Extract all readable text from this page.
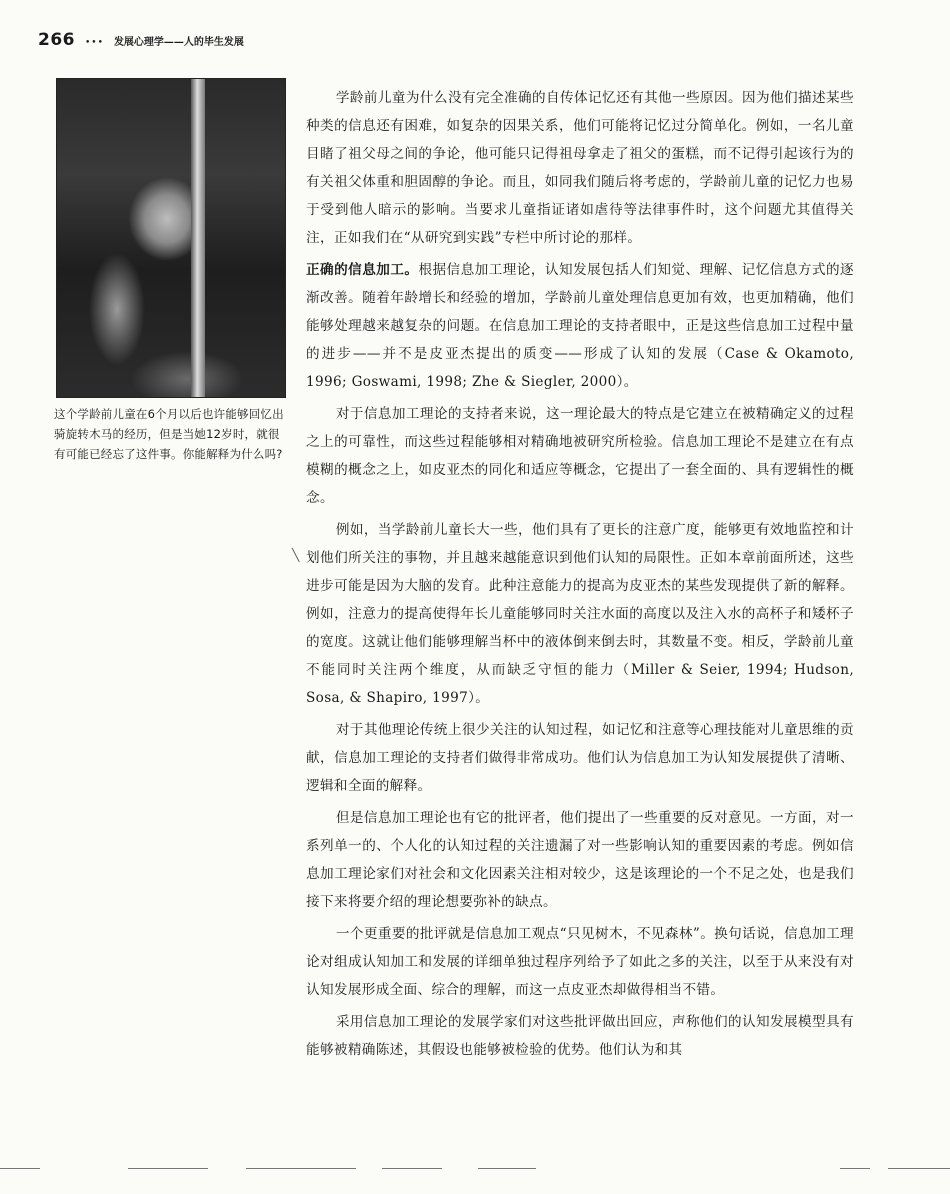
266 ••• 发展心理学——人的毕生发展
这个学龄前儿童在6个月以后也许能够回忆出骑旋转木马的经历，但是当她12岁时，就很有可能已经忘了这件事。你能解释为什么吗?

学龄前儿童为什么没有完全准确的自传体记忆还有其他一些原因。因为他们描述某些种类的信息还有困难，如复杂的因果关系，他们可能将记忆过分简单化。例如，一名儿童目睹了祖父母之间的争论，他可能只记得祖母拿走了祖父的蛋糕，而不记得引起该行为的有关祖父体重和胆固醇的争论。而且，如同我们随后将考虑的，学龄前儿童的记忆力也易于受到他人暗示的影响。当要求儿童指证诸如虐待等法律事件时，这个问题尤其值得关注，正如我们在“从研究到实践”专栏中所讨论的那样。

正确的信息加工。根据信息加工理论，认知发展包括人们知觉、理解、记忆信息方式的逐渐改善。随着年龄增长和经验的增加，学龄前儿童处理信息更加有效，也更加精确，他们能够处理越来越复杂的问题。在信息加工理论的支持者眼中，正是这些信息加工过程中量的进步——并不是皮亚杰提出的质变——形成了认知的发展（Case & Okamoto, 1996; Goswami, 1998; Zhe & Siegler, 2000）。

对于信息加工理论的支持者来说，这一理论最大的特点是它建立在被精确定义的过程之上的可靠性，而这些过程能够相对精确地被研究所检验。信息加工理论不是建立在有点模糊的概念之上，如皮亚杰的同化和适应等概念，它提出了一套全面的、具有逻辑性的概念。

例如，当学龄前儿童长大一些，他们具有了更长的注意广度，能够更有效地监控和计划他们所关注的事物，并且越来越能意识到他们认知的局限性。正如本章前面所述，这些进步可能是因为大脑的发育。此种注意能力的提高为皮亚杰的某些发现提供了新的解释。例如，注意力的提高使得年长儿童能够同时关注水面的高度以及注入水的高杯子和矮杯子的宽度。这就让他们能够理解当杯中的液体倒来倒去时，其数量不变。相反，学龄前儿童不能同时关注两个维度，从而缺乏守恒的能力（Miller & Seier, 1994; Hudson, Sosa, & Shapiro, 1997）。

对于其他理论传统上很少关注的认知过程，如记忆和注意等心理技能对儿童思维的贡献，信息加工理论的支持者们做得非常成功。他们认为信息加工为认知发展提供了清晰、逻辑和全面的解释。

但是信息加工理论也有它的批评者，他们提出了一些重要的反对意见。一方面，对一系列单一的、个人化的认知过程的关注遗漏了对一些影响认知的重要因素的考虑。例如信息加工理论家们对社会和文化因素关注相对较少，这是该理论的一个不足之处，也是我们接下来将要介绍的理论想要弥补的缺点。

一个更重要的批评就是信息加工观点“只见树木，不见森林”。换句话说，信息加工理论对组成认知加工和发展的详细单独过程序列给予了如此之多的关注，以至于从来没有对认知发展形成全面、综合的理解，而这一点皮亚杰却做得相当不错。

采用信息加工理论的发展学家们对这些批评做出回应，声称他们的认知发展模型具有能够被精确陈述，其假设也能够被检验的优势。他们认为和其

╲
